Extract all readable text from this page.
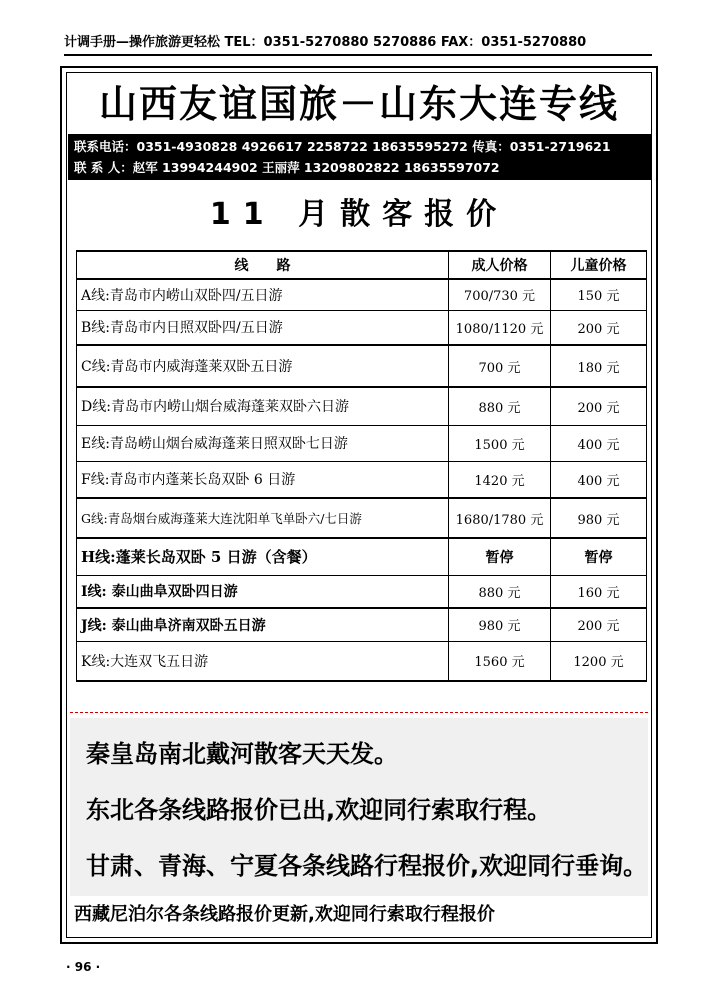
计调手册—操作旅游更轻松 TEL：0351-5270880 5270886 FAX：0351-5270880
山西友谊国旅－山东大连专线
联系电话：0351-4930828 4926617 2258722 18635595272 传真：0351-2719621
联 系 人：赵军 13994244902 王丽萍 13209802822 18635597072
11 月散客报价
线　　路	成人价格	儿童价格
A线:青岛市内崂山双卧四/五日游	700/730 元	150 元
B线:青岛市内日照双卧四/五日游	1080/1120 元	200 元
C线:青岛市内威海蓬莱双卧五日游	700 元	180 元
D线:青岛市内崂山烟台威海蓬莱双卧六日游	880 元	200 元
E线:青岛崂山烟台威海蓬莱日照双卧七日游	1500 元	400 元
F线:青岛市内蓬莱长岛双卧 6 日游	1420 元	400 元
G线:青岛烟台威海蓬莱大连沈阳单飞单卧六/七日游	1680/1780 元	980 元
H线:蓬莱长岛双卧 5 日游（含餐）	暂停	暂停
I线: 泰山曲阜双卧四日游	880 元	160 元
J线: 泰山曲阜济南双卧五日游	980 元	200 元
K线:大连双飞五日游	1560 元	1200 元
秦皇岛南北戴河散客天天发。
东北各条线路报价已出,欢迎同行索取行程。
甘肃、青海、宁夏各条线路行程报价,欢迎同行垂询。
西藏尼泊尔各条线路报价更新,欢迎同行索取行程报价
· 96 ·
